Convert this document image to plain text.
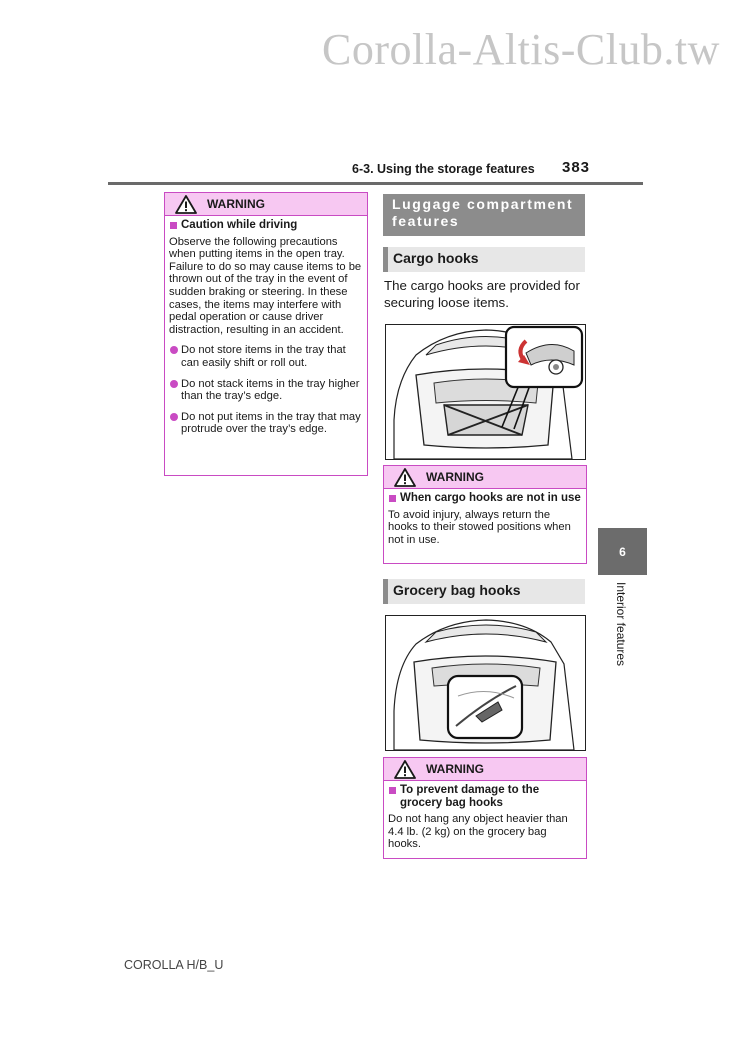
Corolla-Altis-Club.tw
6-3. Using the storage features 383
WARNING
Caution while driving
Observe the following precautions when putting items in the open tray. Failure to do so may cause items to be thrown out of the tray in the event of sudden braking or steering. In these cases, the items may interfere with pedal operation or cause driver distraction, resulting in an accident.
Do not store items in the tray that can easily shift or roll out.
Do not stack items in the tray higher than the tray’s edge.
Do not put items in the tray that may protrude over the tray’s edge.
Luggage compartment features
Cargo hooks
The cargo hooks are provided for securing loose items.
WARNING
When cargo hooks are not in use
To avoid injury, always return the hooks to their stowed positions when not in use.
Grocery bag hooks
WARNING
To prevent damage to the grocery bag hooks
Do not hang any object heavier than 4.4 lb. (2 kg) on the grocery bag hooks.
6
Interior features
COROLLA H/B_U
